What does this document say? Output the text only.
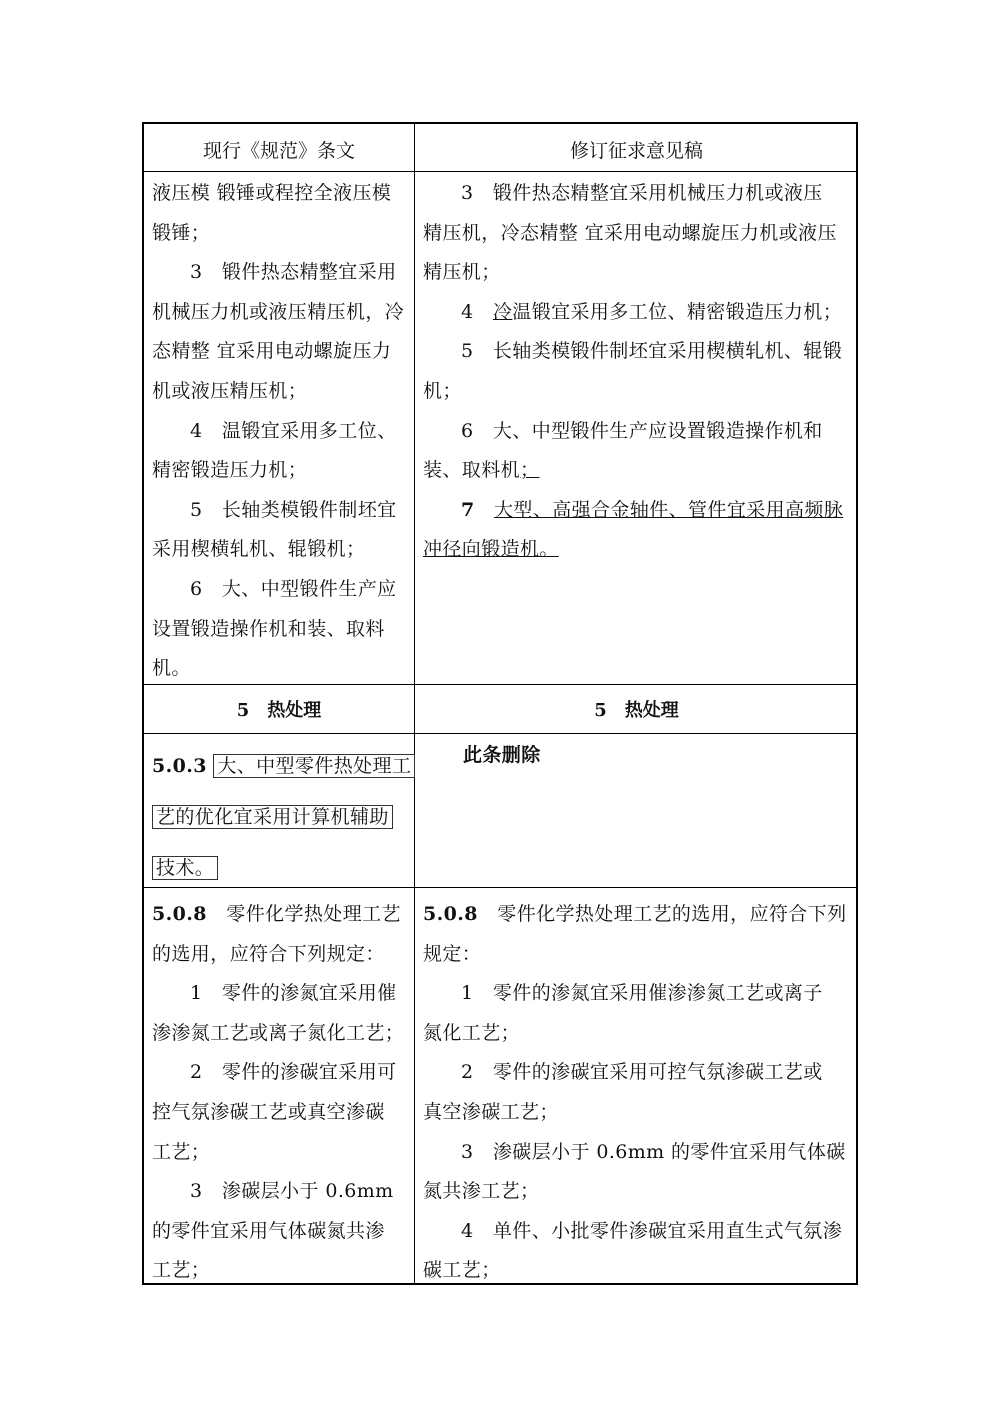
现行《规范》条文	修订征求意见稿
液压模 锻锤或程控全液压模
锻锤；
3　锻件热态精整宜采用
机械压力机或液压精压机，冷
态精整 宜采用电动螺旋压力
机或液压精压机；
4　温锻宜采用多工位、
精密锻造压力机；
5　长轴类模锻件制坯宜
采用楔横轧机、辊锻机；
6　大、中型锻件生产应
设置锻造操作机和装、取料
机。
3　锻件热态精整宜采用机械压力机或液压
精压机，冷态精整 宜采用电动螺旋压力机或液压
精压机；
4　冷温锻宜采用多工位、精密锻造压力机；
5　长轴类模锻件制坯宜采用楔横轧机、辊锻
机；
6　大、中型锻件生产应设置锻造操作机和
装、取料机；
7　 大型、高强合金轴件、管件宜采用高频脉
冲径向锻造机。
5　热处理	5　热处理
5.0.3 大、中型零件热处理工
艺的优化宜采用计算机辅助
技术。
此条删除
5.0.8　零件化学热处理工艺
的选用，应符合下列规定：
1　零件的渗氮宜采用催
渗渗氮工艺或离子氮化工艺；
2　零件的渗碳宜采用可
控气氛渗碳工艺或真空渗碳
工艺；
3　渗碳层小于 0.6mm
的零件宜采用气体碳氮共渗
工艺；
5.0.8　零件化学热处理工艺的选用，应符合下列
规定：
1　零件的渗氮宜采用催渗渗氮工艺或离子
氮化工艺；
2　零件的渗碳宜采用可控气氛渗碳工艺或
真空渗碳工艺；
3　渗碳层小于 0.6mm 的零件宜采用气体碳
氮共渗工艺；
4　单件、小批零件渗碳宜采用直生式气氛渗
碳工艺；
